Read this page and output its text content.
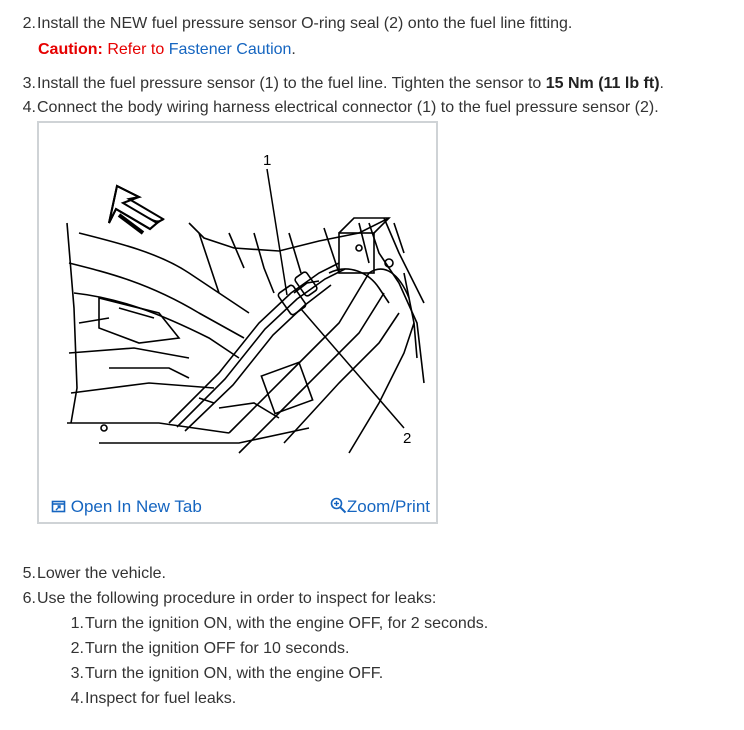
2.Install the NEW fuel pressure sensor O-ring seal (2) onto the fuel line fitting.
Caution: Refer to Fastener Caution.
3.Install the fuel pressure sensor (1) to the fuel line. Tighten the sensor to 15 Nm (11 lb ft).
4.Connect the body wiring harness electrical connector (1) to the fuel pressure sensor (2).
1
2
Open In New Tab	Zoom/Print
5.Lower the vehicle.
6.Use the following procedure in order to inspect for leaks:
1.Turn the ignition ON, with the engine OFF, for 2 seconds.
2.Turn the ignition OFF for 10 seconds.
3.Turn the ignition ON, with the engine OFF.
4.Inspect for fuel leaks.
